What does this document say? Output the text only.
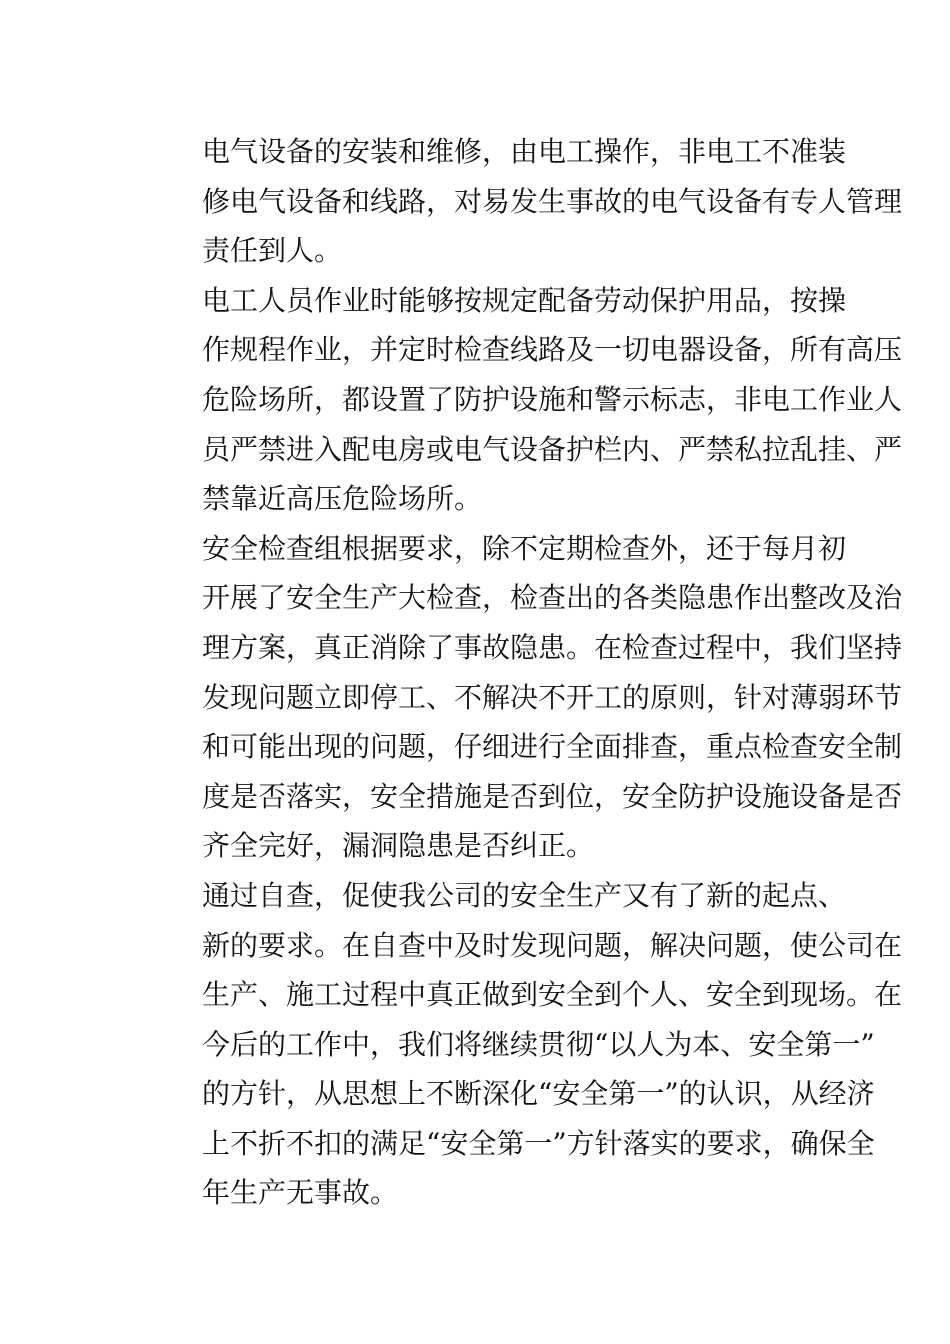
电气设备的安装和维修，由电工操作，非电工不准装
修电气设备和线路，对易发生事故的电气设备有专人管理
责任到人。

电工人员作业时能够按规定配备劳动保护用品，按操
作规程作业，并定时检查线路及一切电器设备，所有高压
危险场所，都设置了防护设施和警示标志，非电工作业人
员严禁进入配电房或电气设备护栏内、严禁私拉乱挂、严
禁靠近高压危险场所。

安全检查组根据要求，除不定期检查外，还于每月初
开展了安全生产大检查，检查出的各类隐患作出整改及治
理方案，真正消除了事故隐患。在检查过程中，我们坚持
发现问题立即停工、不解决不开工的原则，针对薄弱环节
和可能出现的问题，仔细进行全面排查，重点检查安全制
度是否落实，安全措施是否到位，安全防护设施设备是否
齐全完好，漏洞隐患是否纠正。

通过自查，促使我公司的安全生产又有了新的起点、
新的要求。在自查中及时发现问题，解决问题，使公司在
生产、施工过程中真正做到安全到个人、安全到现场。在
今后的工作中，我们将继续贯彻“以人为本、安全第一”
的方针，从思想上不断深化“安全第一”的认识，从经济
上不折不扣的满足“安全第一”方针落实的要求，确保全
年生产无事故。
